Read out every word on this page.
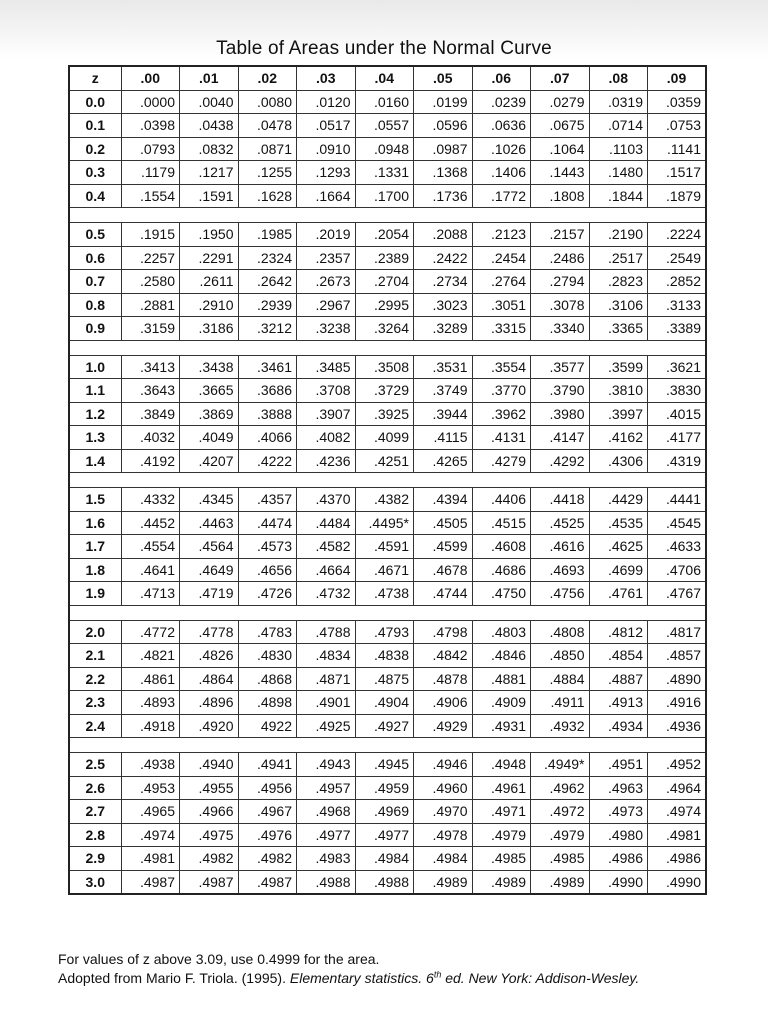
Table of Areas under the Normal Curve
z	.00	.01	.02	.03	.04	.05	.06	.07	.08	.09
0.0	.0000	.0040	.0080	.0120	.0160	.0199	.0239	.0279	.0319	.0359
0.1	.0398	.0438	.0478	.0517	.0557	.0596	.0636	.0675	.0714	.0753
0.2	.0793	.0832	.0871	.0910	.0948	.0987	.1026	.1064	.1103	.1141
0.3	.1179	.1217	.1255	.1293	.1331	.1368	.1406	.1443	.1480	.1517
0.4	.1554	.1591	.1628	.1664	.1700	.1736	.1772	.1808	.1844	.1879

0.5	.1915	.1950	.1985	.2019	.2054	.2088	.2123	.2157	.2190	.2224
0.6	.2257	.2291	.2324	.2357	.2389	.2422	.2454	.2486	.2517	.2549
0.7	.2580	.2611	.2642	.2673	.2704	.2734	.2764	.2794	.2823	.2852
0.8	.2881	.2910	.2939	.2967	.2995	.3023	.3051	.3078	.3106	.3133
0.9	.3159	.3186	.3212	.3238	.3264	.3289	.3315	.3340	.3365	.3389

1.0	.3413	.3438	.3461	.3485	.3508	.3531	.3554	.3577	.3599	.3621
1.1	.3643	.3665	.3686	.3708	.3729	.3749	.3770	.3790	.3810	.3830
1.2	.3849	.3869	.3888	.3907	.3925	.3944	.3962	.3980	.3997	.4015
1.3	.4032	.4049	.4066	.4082	.4099	.4115	.4131	.4147	.4162	.4177
1.4	.4192	.4207	.4222	.4236	.4251	.4265	.4279	.4292	.4306	.4319

1.5	.4332	.4345	.4357	.4370	.4382	.4394	.4406	.4418	.4429	.4441
1.6	.4452	.4463	.4474	.4484	.4495*	.4505	.4515	.4525	.4535	.4545
1.7	.4554	.4564	.4573	.4582	.4591	.4599	.4608	.4616	.4625	.4633
1.8	.4641	.4649	.4656	.4664	.4671	.4678	.4686	.4693	.4699	.4706
1.9	.4713	.4719	.4726	.4732	.4738	.4744	.4750	.4756	.4761	.4767

2.0	.4772	.4778	.4783	.4788	.4793	.4798	.4803	.4808	.4812	.4817
2.1	.4821	.4826	.4830	.4834	.4838	.4842	.4846	.4850	.4854	.4857
2.2	.4861	.4864	.4868	.4871	.4875	.4878	.4881	.4884	.4887	.4890
2.3	.4893	.4896	.4898	.4901	.4904	.4906	.4909	.4911	.4913	.4916
2.4	.4918	.4920	4922	.4925	.4927	.4929	.4931	.4932	.4934	.4936

2.5	.4938	.4940	.4941	.4943	.4945	.4946	.4948	.4949*	.4951	.4952
2.6	.4953	.4955	.4956	.4957	.4959	.4960	.4961	.4962	.4963	.4964
2.7	.4965	.4966	.4967	.4968	.4969	.4970	.4971	.4972	.4973	.4974
2.8	.4974	.4975	.4976	.4977	.4977	.4978	.4979	.4979	.4980	.4981
2.9	.4981	.4982	.4982	.4983	.4984	.4984	.4985	.4985	.4986	.4986
3.0	.4987	.4987	.4987	.4988	.4988	.4989	.4989	.4989	.4990	.4990
For values of z above 3.09, use 0.4999 for the area.
Adopted from Mario F. Triola. (1995). Elementary statistics. 6th ed. New York: Addison-Wesley.
